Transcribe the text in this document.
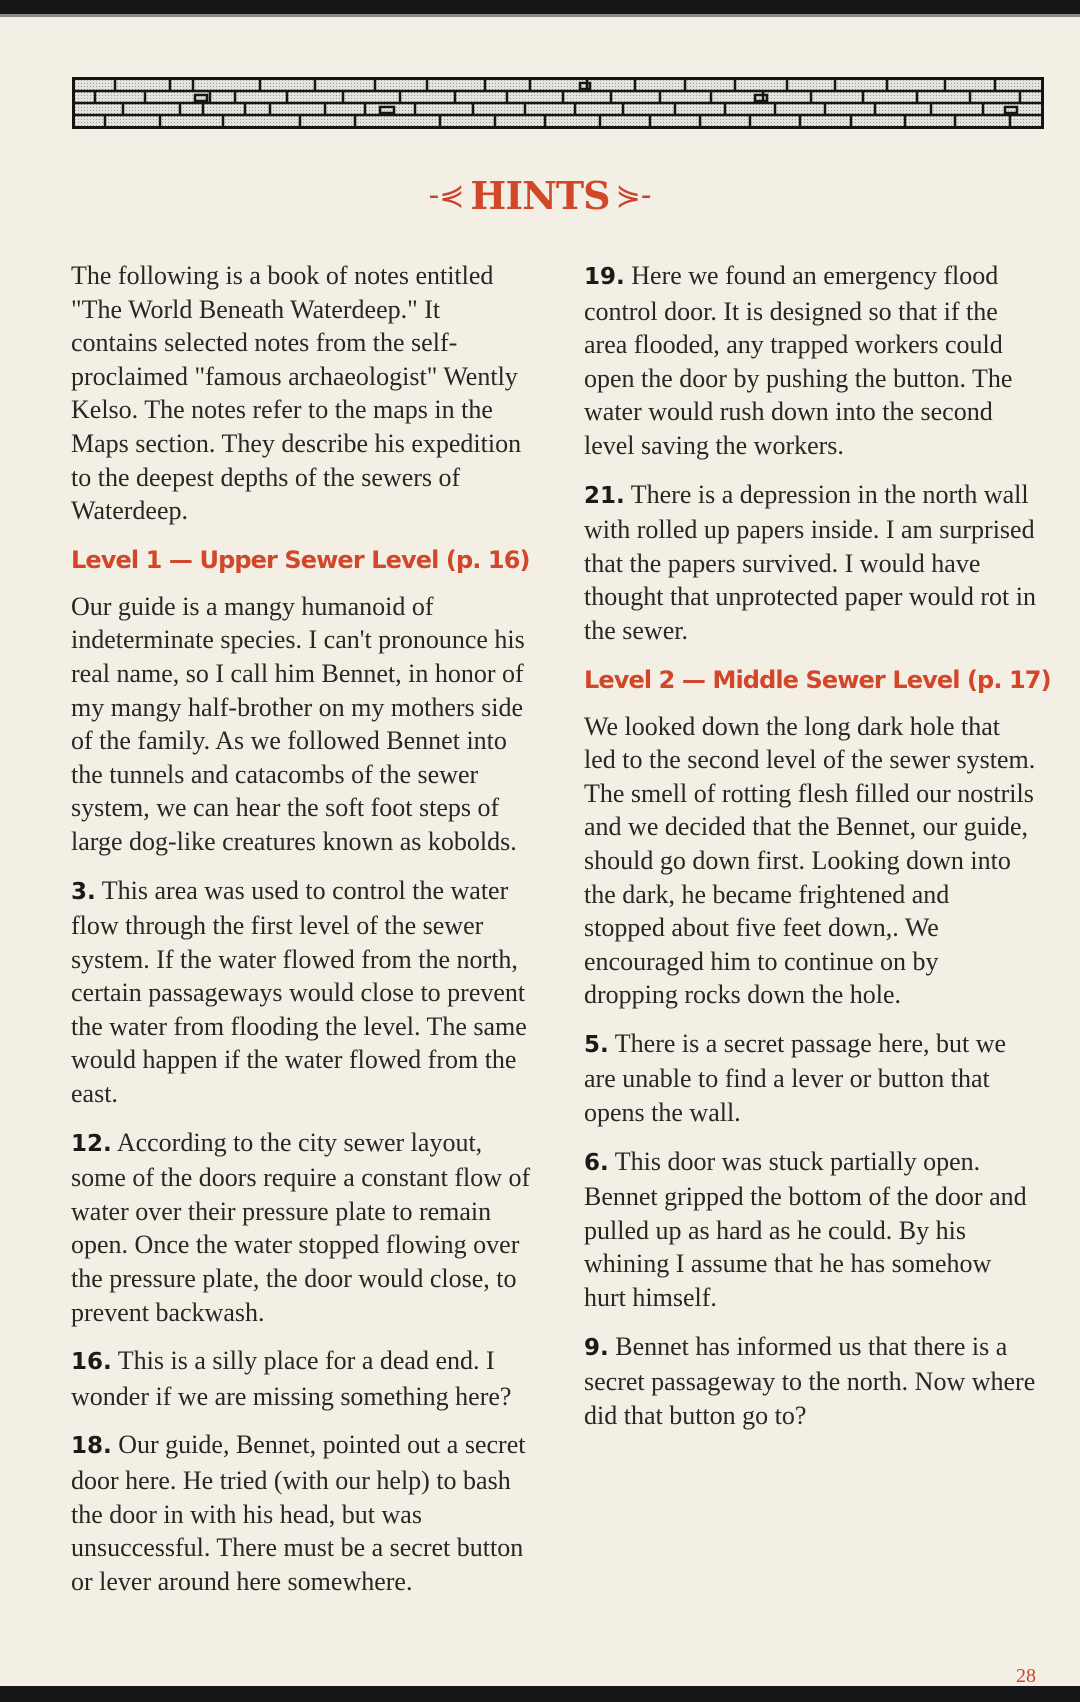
-⋞ HINTS ⋟-

The following is a book of notes entitled "The World Beneath Waterdeep." It contains selected notes from the self-proclaimed "famous archaeologist" Wently Kelso. The notes refer to the maps in the Maps section. They describe his expedition to the deepest depths of the sewers of Waterdeep.

Level 1 — Upper Sewer Level (p. 16)

Our guide is a mangy humanoid of indeterminate species. I can't pronounce his real name, so I call him Bennet, in honor of my mangy half-brother on my mothers side of the family. As we followed Bennet into the tunnels and catacombs of the sewer system, we can hear the soft foot steps of large dog-like creatures known as kobolds.

3. This area was used to control the water flow through the first level of the sewer system. If the water flowed from the north, certain passageways would close to prevent the water from flooding the level. The same would happen if the water flowed from the east.

12. According to the city sewer layout, some of the doors require a constant flow of water over their pressure plate to remain open. Once the water stopped flowing over the pressure plate, the door would close, to prevent backwash.

16. This is a silly place for a dead end. I wonder if we are missing something here?

18. Our guide, Bennet, pointed out a secret door here. He tried (with our help) to bash the door in with his head, but was unsuccessful. There must be a secret button or lever around here somewhere.

19. Here we found an emergency flood control door. It is designed so that if the area flooded, any trapped workers could open the door by pushing the button. The water would rush down into the second level saving the workers.

21. There is a depression in the north wall with rolled up papers inside. I am surprised that the papers survived. I would have thought that unprotected paper would rot in the sewer.

Level 2 — Middle Sewer Level (p. 17)

We looked down the long dark hole that led to the second level of the sewer system. The smell of rotting flesh filled our nostrils and we decided that the Bennet, our guide, should go down first. Looking down into the dark, he became frightened and stopped about five feet down,. We encouraged him to continue on by dropping rocks down the hole.

5. There is a secret passage here, but we are unable to find a lever or button that opens the wall.

6. This door was stuck partially open. Bennet gripped the bottom of the door and pulled up as hard as he could. By his whining I assume that he has somehow hurt himself.

9. Bennet has informed us that there is a secret passageway to the north. Now where did that button go to?

28
